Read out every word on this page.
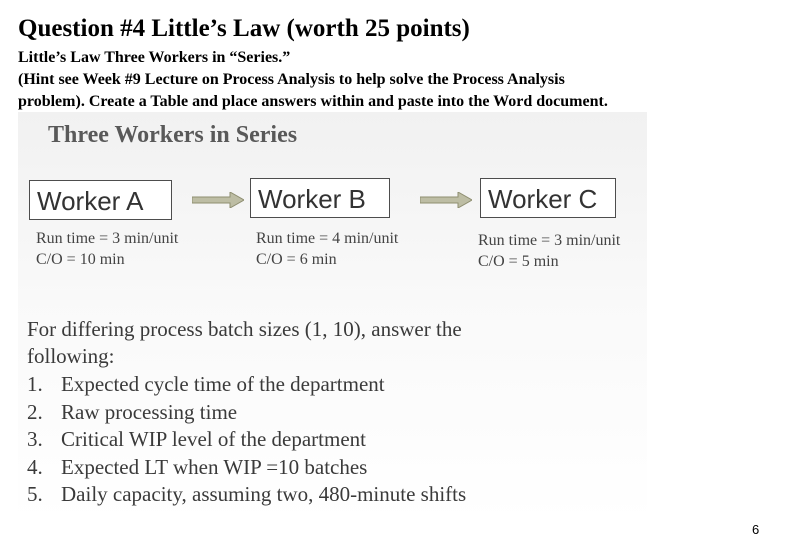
Question #4 Little’s Law (worth 25 points)
Little’s Law Three Workers in “Series.”
(Hint see Week #9 Lecture on Process Analysis to help solve the Process Analysis
problem). Create a Table and place answers within and paste into the Word document.
Three Workers in Series
Worker A	Worker B	Worker C
Run time = 3 min/unit
C/O = 10 min
Run time = 4 min/unit
C/O = 6 min
Run time = 3 min/unit
C/O = 5 min
For differing process batch sizes (1, 10), answer the
following:
1. Expected cycle time of the department
2. Raw processing time
3. Critical WIP level of the department
4. Expected LT when WIP =10 batches
5. Daily capacity, assuming two, 480-minute shifts
6
